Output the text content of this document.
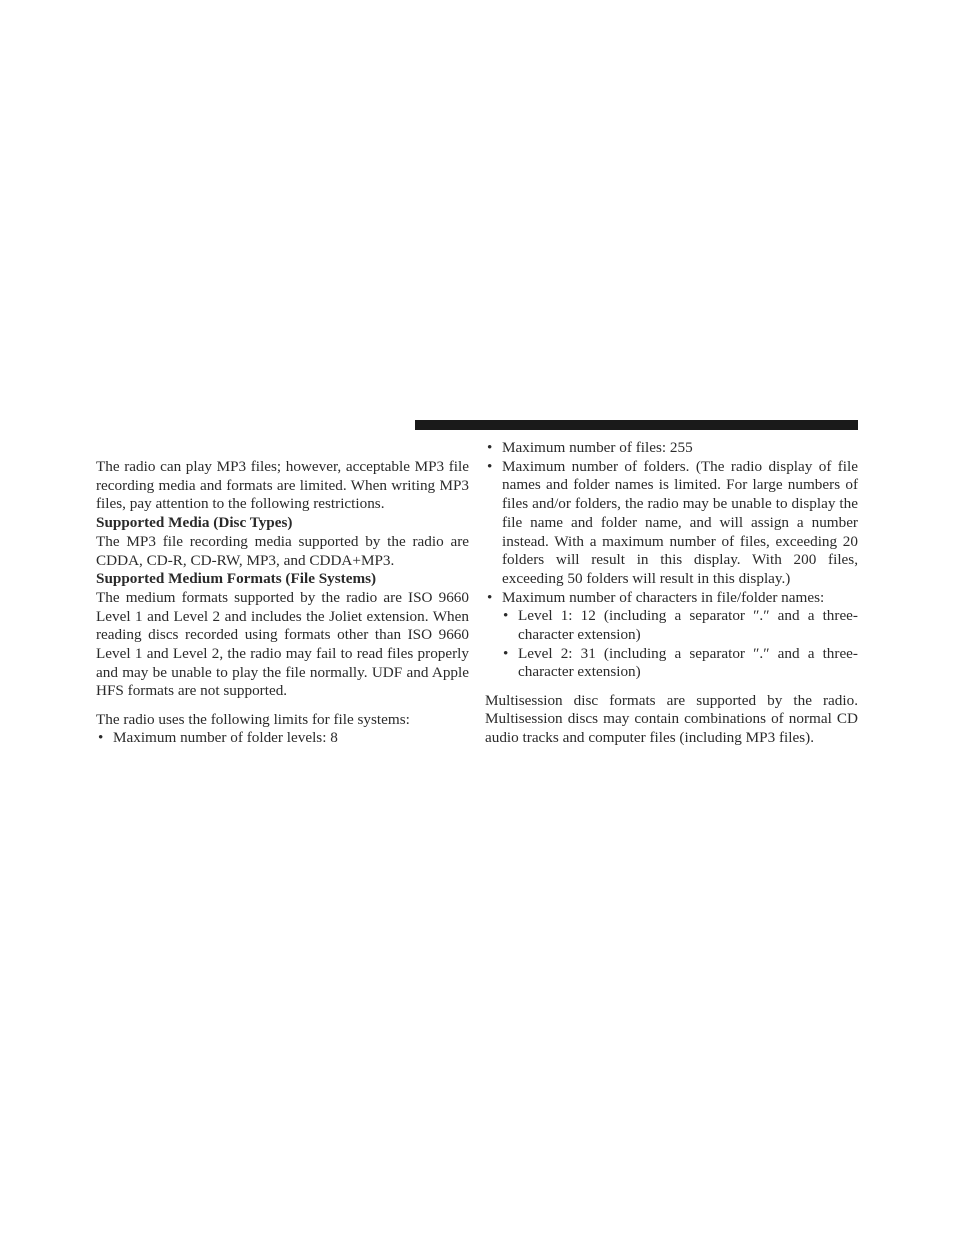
The radio can play MP3 files; however, acceptable MP3 file recording media and formats are limited. When writing MP3 files, pay attention to the following restrictions.

Supported Media (Disc Types)

The MP3 file recording media supported by the radio are CDDA, CD-R, CD-RW, MP3, and CDDA+MP3.

Supported Medium Formats (File Systems)

The medium formats supported by the radio are ISO 9660 Level 1 and Level 2 and includes the Joliet extension. When reading discs recorded using formats other than ISO 9660 Level 1 and Level 2, the radio may fail to read files properly and may be unable to play the file normally. UDF and Apple HFS formats are not supported.

The radio uses the following limits for file systems:

• Maximum number of folder levels: 8
• Maximum number of files: 255
• Maximum number of folders. (The radio display of file names and folder names is limited. For large numbers of files and/or folders, the radio may be unable to display the file name and folder name, and will assign a number instead. With a maximum number of files, exceeding 20 folders will result in this display. With 200 files, exceeding 50 folders will result in this display.)
• Maximum number of characters in file/folder names:
• Level 1: 12 (including a separator ″.″ and a three-character extension)
• Level 2: 31 (including a separator ″.″ and a three-character extension)

Multisession disc formats are supported by the radio. Multisession discs may contain combinations of normal CD audio tracks and computer files (including MP3 files).
